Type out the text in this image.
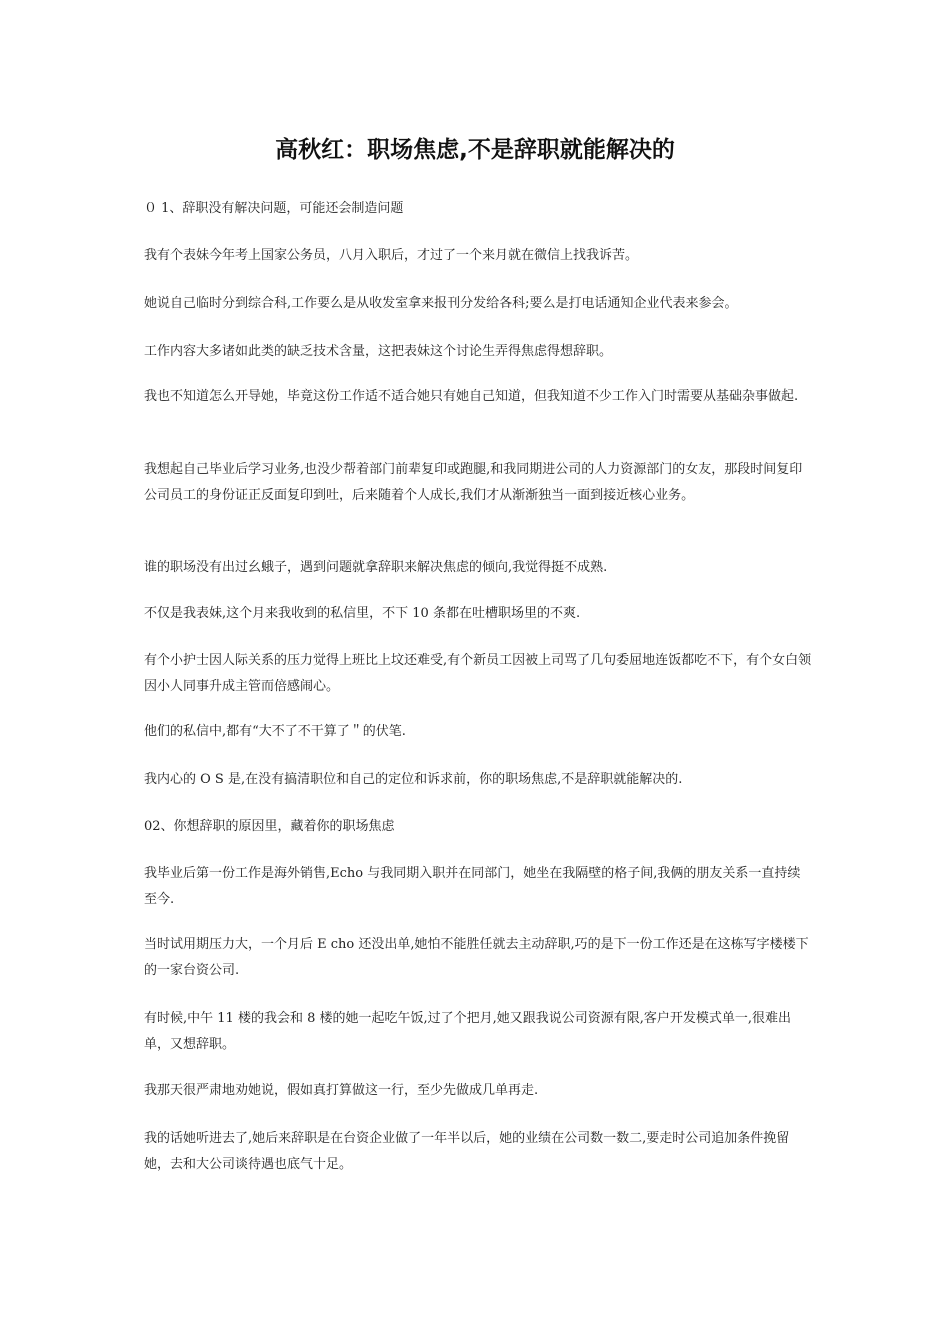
高秋红：职场焦虑,不是辞职就能解决的

０ 1、辞职没有解决问题，可能还会制造问题

我有个表妹今年考上国家公务员，八月入职后，才过了一个来月就在微信上找我诉苦。

她说自己临时分到综合科,工作要么是从收发室拿来报刊分发给各科;要么是打电话通知企业代表来参会。

工作内容大多诸如此类的缺乏技术含量，这把表妹这个讨论生弄得焦虑得想辞职。

我也不知道怎么开导她，毕竟这份工作适不适合她只有她自己知道，但我知道不少工作入门时需要从基础杂事做起.

我想起自己毕业后学习业务,也没少帮着部门前辈复印或跑腿,和我同期进公司的人力资源部门的女友，那段时间复印公司员工的身份证正反面复印到吐，后来随着个人成长,我们才从渐渐独当一面到接近核心业务。

谁的职场没有出过幺蛾子，遇到问题就拿辞职来解决焦虑的倾向,我觉得挺不成熟.

不仅是我表妹,这个月来我收到的私信里，不下 10 条都在吐槽职场里的不爽.

有个小护士因人际关系的压力觉得上班比上坟还难受,有个新员工因被上司骂了几句委屈地连饭都吃不下，有个女白领因小人同事升成主管而倍感闹心。

他们的私信中,都有“大不了不干算了＂的伏笔.

我内心的 O S 是,在没有搞清职位和自己的定位和诉求前，你的职场焦虑,不是辞职就能解决的.

02、你想辞职的原因里，藏着你的职场焦虑

我毕业后第一份工作是海外销售,Echo 与我同期入职并在同部门，她坐在我隔壁的格子间,我俩的朋友关系一直持续至今.

当时试用期压力大，一个月后 E cho 还没出单,她怕不能胜任就去主动辞职,巧的是下一份工作还是在这栋写字楼楼下的一家台资公司.

有时候,中午 11 楼的我会和 8 楼的她一起吃午饭,过了个把月,她又跟我说公司资源有限,客户开发模式单一,很难出单，又想辞职。

我那天很严肃地劝她说，假如真打算做这一行，至少先做成几单再走.

我的话她听进去了,她后来辞职是在台资企业做了一年半以后，她的业绩在公司数一数二,要走时公司追加条件挽留她，去和大公司谈待遇也底气十足。
